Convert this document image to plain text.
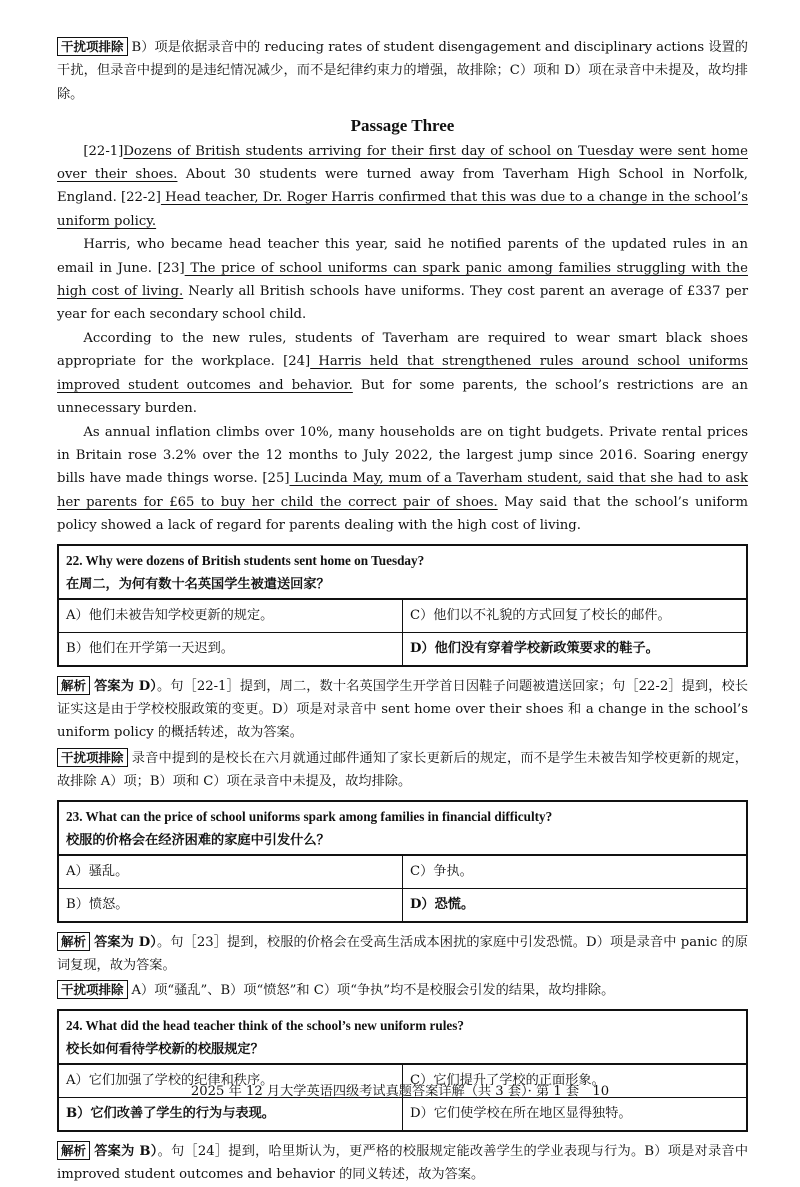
干扰项排除 B）项是依据录音中的 reducing rates of student disengagement and disciplinary actions 设置的干扰，但录音中提到的是违纪情况减少，而不是纪律约束力的增强，故排除；C）项和 D）项在录音中未提及，故均排除。

Passage Three

[22-1]Dozens of British students arriving for their first day of school on Tuesday were sent home over their shoes. About 30 students were turned away from Taverham High School in Norfolk, England. [22-2] Head teacher, Dr. Roger Harris confirmed that this was due to a change in the school’s uniform policy.

Harris, who became head teacher this year, said he notified parents of the updated rules in an email in June. [23] The price of school uniforms can spark panic among families struggling with the high cost of living. Nearly all British schools have uniforms. They cost parent an average of £337 per year for each secondary school child.

According to the new rules, students of Taverham are required to wear smart black shoes appropriate for the workplace. [24] Harris held that strengthened rules around school uniforms improved student outcomes and behavior. But for some parents, the school’s restrictions are an unnecessary burden.

As annual inflation climbs over 10%, many households are on tight budgets. Private rental prices in Britain rose 3.2% over the 12 months to July 2022, the largest jump since 2016. Soaring energy bills have made things worse. [25] Lucinda May, mum of a Taverham student, said that she had to ask her parents for £65 to buy her child the correct pair of shoes. May said that the school’s uniform policy showed a lack of regard for parents dealing with the high cost of living.

22. Why were dozens of British students sent home on Tuesday?
在周二，为何有数十名英国学生被遣送回家？	

A）他们未被告知学校更新的规定。	C）他们以不礼貌的方式回复了校长的邮件。
B）他们在开学第一天迟到。	D）他们没有穿着学校新政策要求的鞋子。

解析 答案为 D）。句［22-1］提到，周二，数十名英国学生开学首日因鞋子问题被遣送回家；句［22-2］提到，校长证实这是由于学校校服政策的变更。D）项是对录音中 sent home over their shoes 和 a change in the school’s uniform policy 的概括转述，故为答案。

干扰项排除 录音中提到的是校长在六月就通过邮件通知了家长更新后的规定，而不是学生未被告知学校更新的规定，故排除 A）项；B）项和 C）项在录音中未提及，故均排除。

23. What can the price of school uniforms spark among families in financial difficulty?
校服的价格会在经济困难的家庭中引发什么？	

A）骚乱。	C）争执。
B）愤怒。	D）恐慌。

解析 答案为 D）。句［23］提到，校服的价格会在受高生活成本困扰的家庭中引发恐慌。D）项是录音中 panic 的原词复现，故为答案。

干扰项排除 A）项“骚乱”、B）项“愤怒”和 C）项“争执”均不是校服会引发的结果，故均排除。

24. What did the head teacher think of the school’s new uniform rules?
校长如何看待学校新的校服规定？	

A）它们加强了学校的纪律和秩序。	C）它们提升了学校的正面形象。
B）它们改善了学生的行为与表现。	D）它们使学校在所在地区显得独特。

解析 答案为 B）。句［24］提到，哈里斯认为，更严格的校服规定能改善学生的学业表现与行为。B）项是对录音中 improved student outcomes and behavior 的同义转述，故为答案。

2025 年 12 月大学英语四级考试真题答案详解（共 3 套）· 第 1 套　10
